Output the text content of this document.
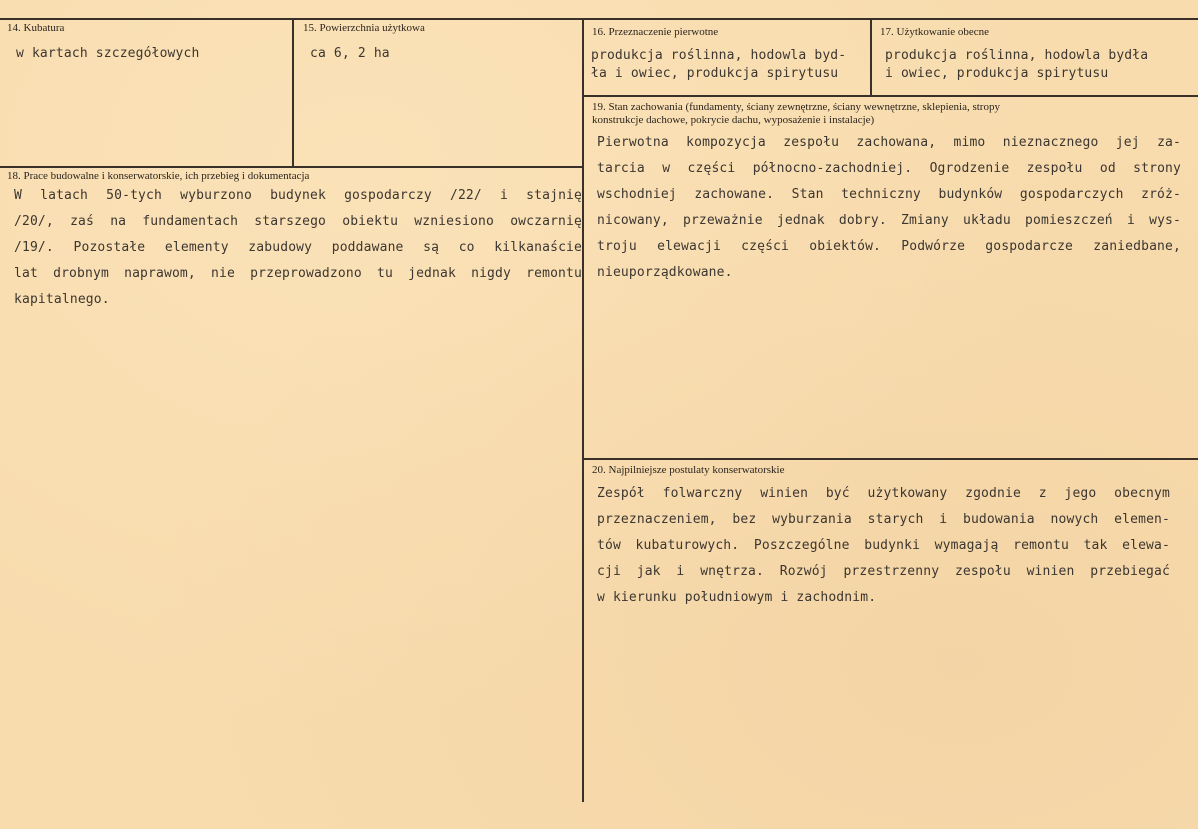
14. Kubatura
w kartach szczegółowych
15. Powierzchnia użytkowa
ca 6, 2 ha
16. Przeznaczenie pierwotne
produkcja roślinna, hodowla byd-
ła i owiec, produkcja spirytusu
17. Użytkowanie obecne
produkcja roślinna, hodowla bydła
i owiec, produkcja spirytusu
18. Prace budowalne i konserwatorskie, ich przebieg i dokumentacja
W latach 50-tych wyburzono budynek gospodarczy /22/ i stajnię
/20/, zaś na fundamentach starszego obiektu wzniesiono owczarnię
/19/. Pozostałe elementy zabudowy poddawane są co kilkanaście
lat drobnym naprawom, nie przeprowadzono tu jednak nigdy remontu
kapitalnego.
19. Stan zachowania (fundamenty, ściany zewnętrzne, ściany wewnętrzne, sklepienia, stropy
konstrukcje dachowe, pokrycie dachu, wyposażenie i instalacje)
Pierwotna kompozycja zespołu zachowana, mimo nieznacznego jej za-
tarcia w części północno-zachodniej. Ogrodzenie zespołu od strony
wschodniej zachowane. Stan techniczny budynków gospodarczych zróż-
nicowany, przeważnie jednak dobry. Zmiany układu pomieszczeń i wys-
troju elewacji części obiektów. Podwórze gospodarcze zaniedbane,
nieuporządkowane.
20. Najpilniejsze postulaty konserwatorskie
Zespół folwarczny winien być użytkowany zgodnie z jego obecnym
przeznaczeniem, bez wyburzania starych i budowania nowych elemen-
tów kubaturowych. Poszczególne budynki wymagają remontu tak elewa-
cji jak i wnętrza. Rozwój przestrzenny zespołu winien przebiegać
w kierunku południowym i zachodnim.
